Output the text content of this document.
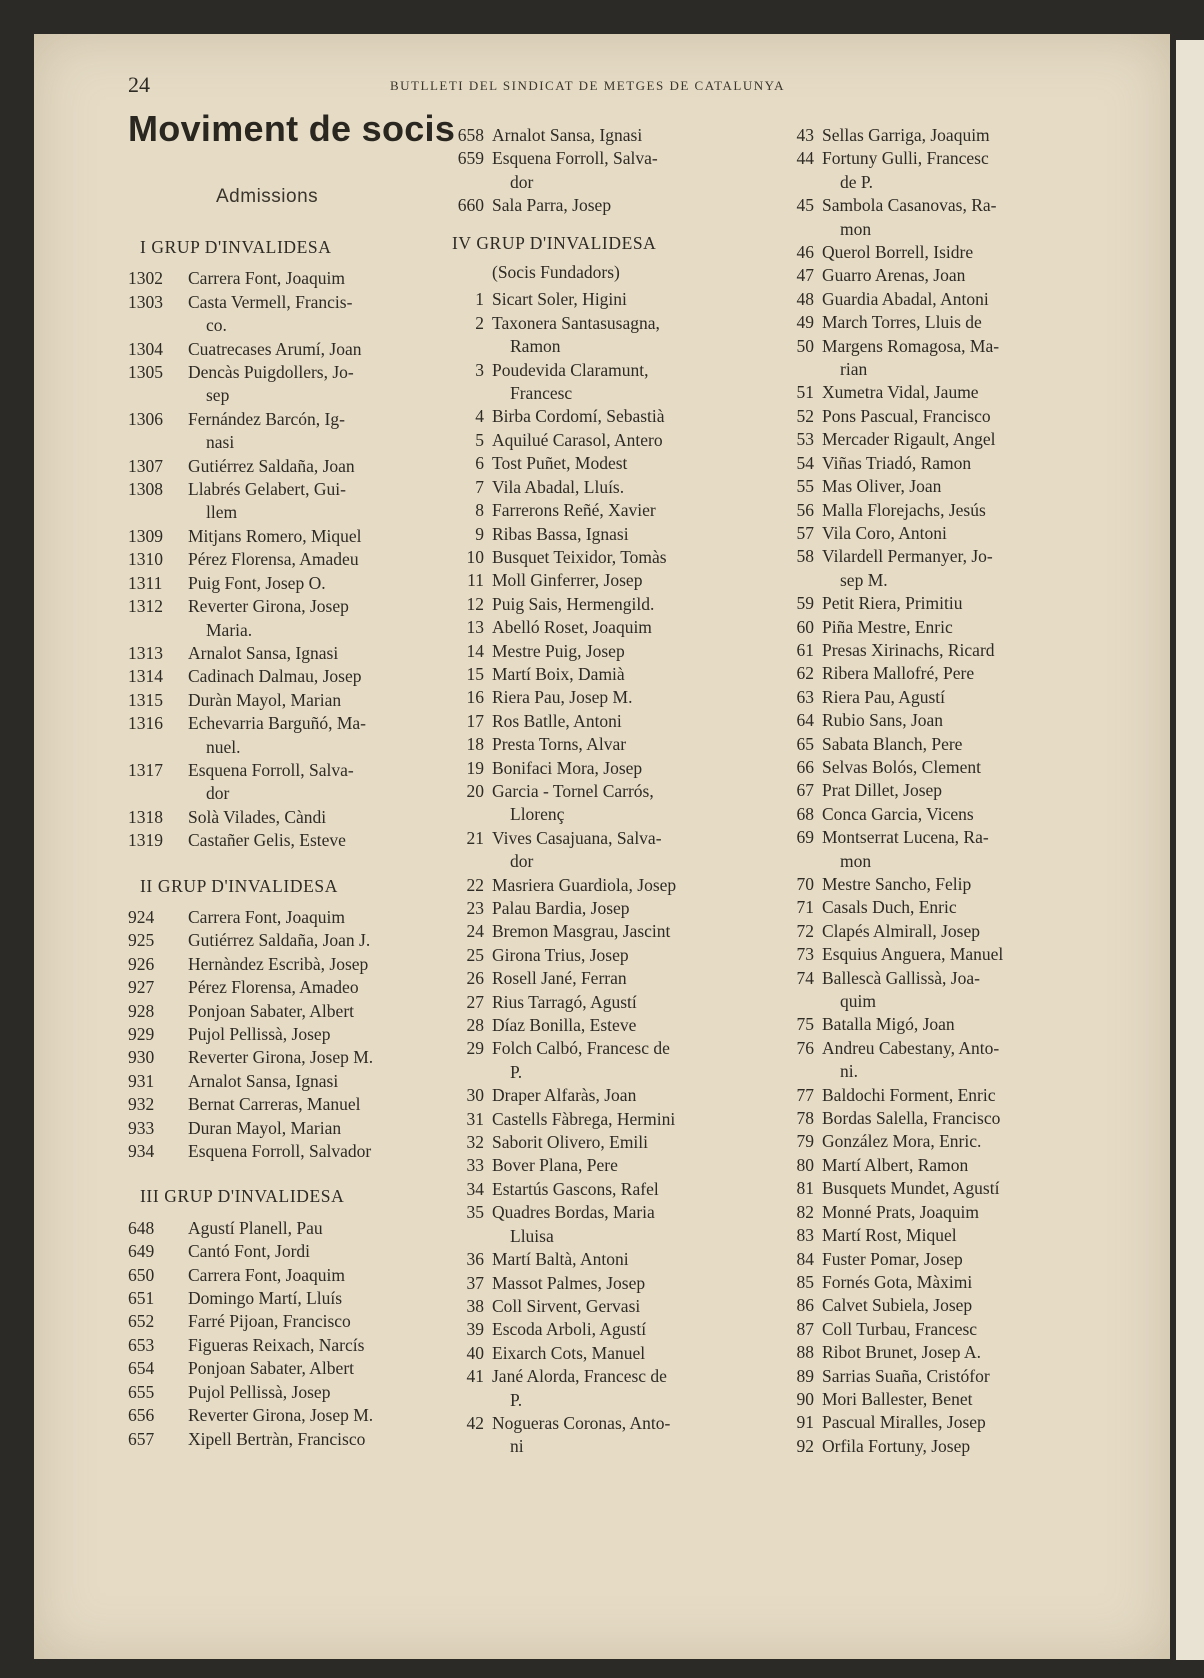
24	BUTLLETI DEL SINDICAT DE METGES DE CATALUNYA
Moviment de socis
Admissions
I GRUP D'INVALIDESA
1302	Carrera Font, Joaquim
1303	Casta Vermell, Francis-
co.
1304	Cuatrecases Arumí, Joan
1305	Dencàs Puigdollers, Jo-
sep
1306	Fernández Barcón, Ig-
nasi
1307	Gutiérrez Saldaña, Joan
1308	Llabrés Gelabert, Gui-
llem
1309	Mitjans Romero, Miquel
1310	Pérez Florensa, Amadeu
1311	Puig Font, Josep O.
1312	Reverter Girona, Josep
Maria.
1313	Arnalot Sansa, Ignasi
1314	Cadinach Dalmau, Josep
1315	Duràn Mayol, Marian
1316	Echevarria Barguñó, Ma-
nuel.
1317	Esquena Forroll, Salva-
dor
1318	Solà Vilades, Càndi
1319	Castañer Gelis, Esteve
II GRUP D'INVALIDESA
924	Carrera Font, Joaquim
925	Gutiérrez Saldaña, Joan J.
926	Hernàndez Escribà, Josep
927	Pérez Florensa, Amadeo
928	Ponjoan Sabater, Albert
929	Pujol Pellissà, Josep
930	Reverter Girona, Josep M.
931	Arnalot Sansa, Ignasi
932	Bernat Carreras, Manuel
933	Duran Mayol, Marian
934	Esquena Forroll, Salvador
III GRUP D'INVALIDESA
648	Agustí Planell, Pau
649	Cantó Font, Jordi
650	Carrera Font, Joaquim
651	Domingo Martí, Lluís
652	Farré Pijoan, Francisco
653	Figueras Reixach, Narcís
654	Ponjoan Sabater, Albert
655	Pujol Pellissà, Josep
656	Reverter Girona, Josep M.
657	Xipell Bertràn, Francisco
658 Arnalot Sansa, Ignasi
659 Esquena Forroll, Salva-
dor
660 Sala Parra, Josep
IV GRUP D'INVALIDESA
(Socis Fundadors)
1 Sicart Soler, Higini
2 Taxonera Santasusagna,
Ramon
3 Poudevida Claramunt,
Francesc
4 Birba Cordomí, Sebastià
5 Aquilué Carasol, Antero
6 Tost Puñet, Modest
7 Vila Abadal, Lluís.
8 Farrerons Reñé, Xavier
9 Ribas Bassa, Ignasi
10 Busquet Teixidor, Tomàs
11 Moll Ginferrer, Josep
12 Puig Sais, Hermengild.
13 Abelló Roset, Joaquim
14 Mestre Puig, Josep
15 Martí Boix, Damià
16 Riera Pau, Josep M.
17 Ros Batlle, Antoni
18 Presta Torns, Alvar
19 Bonifaci Mora, Josep
20 Garcia - Tornel Carrós,
Llorenç
21 Vives Casajuana, Salva-
dor
22 Masriera Guardiola, Josep
23 Palau Bardia, Josep
24 Bremon Masgrau, Jascint
25 Girona Trius, Josep
26 Rosell Jané, Ferran
27 Rius Tarragó, Agustí
28 Díaz Bonilla, Esteve
29 Folch Calbó, Francesc de
P.
30 Draper Alfaràs, Joan
31 Castells Fàbrega, Hermini
32 Saborit Olivero, Emili
33 Bover Plana, Pere
34 Estartús Gascons, Rafel
35 Quadres Bordas, Maria
Lluisa
36 Martí Baltà, Antoni
37 Massot Palmes, Josep
38 Coll Sirvent, Gervasi
39 Escoda Arboli, Agustí
40 Eixarch Cots, Manuel
41 Jané Alorda, Francesc de
P.
42 Nogueras Coronas, Anto-
ni
43 Sellas Garriga, Joaquim
44 Fortuny Gulli, Francesc
de P.
45 Sambola Casanovas, Ra-
mon
46 Querol Borrell, Isidre
47 Guarro Arenas, Joan
48 Guardia Abadal, Antoni
49 March Torres, Lluis de
50 Margens Romagosa, Ma-
rian
51 Xumetra Vidal, Jaume
52 Pons Pascual, Francisco
53 Mercader Rigault, Angel
54 Viñas Triadó, Ramon
55 Mas Oliver, Joan
56 Malla Florejachs, Jesús
57 Vila Coro, Antoni
58 Vilardell Permanyer, Jo-
sep M.
59 Petit Riera, Primitiu
60 Piña Mestre, Enric
61 Presas Xirinachs, Ricard
62 Ribera Mallofré, Pere
63 Riera Pau, Agustí
64 Rubio Sans, Joan
65 Sabata Blanch, Pere
66 Selvas Bolós, Clement
67 Prat Dillet, Josep
68 Conca Garcia, Vicens
69 Montserrat Lucena, Ra-
mon
70 Mestre Sancho, Felip
71 Casals Duch, Enric
72 Clapés Almirall, Josep
73 Esquius Anguera, Manuel
74 Ballescà Gallissà, Joa-
quim
75 Batalla Migó, Joan
76 Andreu Cabestany, Anto-
ni.
77 Baldochi Forment, Enric
78 Bordas Salella, Francisco
79 González Mora, Enric.
80 Martí Albert, Ramon
81 Busquets Mundet, Agustí
82 Monné Prats, Joaquim
83 Martí Rost, Miquel
84 Fuster Pomar, Josep
85 Fornés Gota, Màximi
86 Calvet Subiela, Josep
87 Coll Turbau, Francesc
88 Ribot Brunet, Josep A.
89 Sarrias Suaña, Cristófor
90 Mori Ballester, Benet
91 Pascual Miralles, Josep
92 Orfila Fortuny, Josep
